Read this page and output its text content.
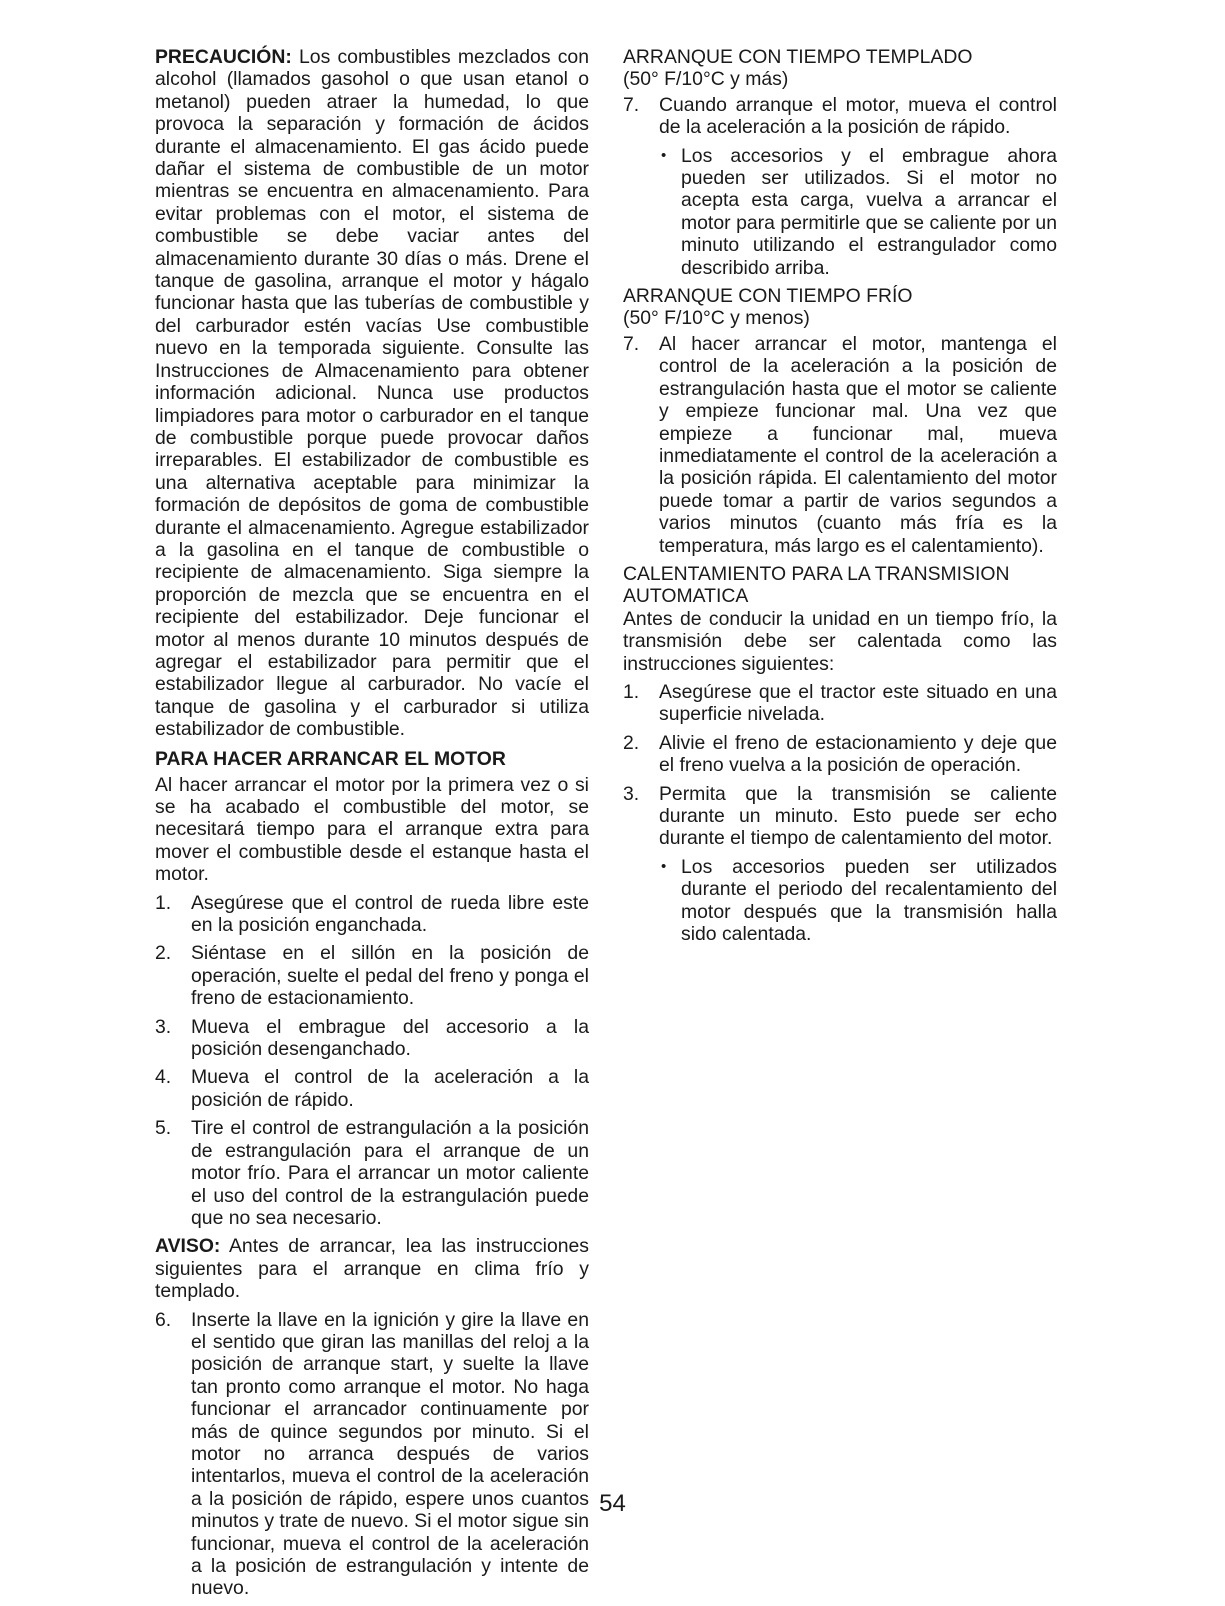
PRECAUCIÓN: Los combustibles mezclados con alcohol (llamados gasohol o que usan etanol o metanol) pueden atraer la humedad, lo que provoca la separación y formación de ácidos durante el almacenamiento. El gas ácido puede dañar el sistema de combustible de un motor mientras se encuentra en almacenamiento. Para evitar problemas con el motor, el sistema de combustible se debe vaciar antes del almacenamiento durante 30 días o más. Drene el tanque de gasolina, arranque el motor y hágalo funcionar hasta que las tuberías de combustible y del carburador estén vacías Use combustible nuevo en la temporada siguiente. Consulte las Instrucciones de Almacenamiento para obtener información adicional. Nunca use productos limpiadores para motor o carburador en el tanque de combustible porque puede provocar daños irreparables. El estabilizador de combustible es una alternativa aceptable para minimizar la formación de depósitos de goma de combustible durante el almacenamiento. Agregue estabilizador a la gasolina en el tanque de combustible o recipiente de almacenamiento. Siga siempre la proporción de mezcla que se encuentra en el recipiente del estabilizador. Deje funcionar el motor al menos durante 10 minutos después de agregar el estabilizador para permitir que el estabilizador llegue al carburador. No vacíe el tanque de gasolina y el carburador si utiliza estabilizador de combustible.

PARA HACER ARRANCAR EL MOTOR

Al hacer arrancar el motor por la primera vez o si se ha acabado el combustible del motor, se necesitará tiempo para el arranque extra para mover el combustible desde el estanque hasta el motor.

1. Asegúrese que el control de rueda libre este en la posición enganchada.
2. Siéntase en el sillón en la posición de operación, suelte el pedal del freno y ponga el freno de estacionamiento.
3. Mueva el embrague del accesorio a la posición desenganchado.
4. Mueva el control de la aceleración a la posición de rápido.
5. Tire el control de estrangulación a la posición de estrangulación para el arranque de un motor frío. Para el arrancar un motor caliente el uso del control de la estrangulación puede que no sea necesario.

AVISO: Antes de arrancar, lea las instrucciones siguientes para el arranque en clima frío y templado.

6. Inserte la llave en la ignición y gire la llave en el sentido que giran las manillas del reloj a la posición de arranque start, y suelte la llave tan pronto como arranque el motor. No haga funcionar el arrancador continuamente por más de quince segundos por minuto. Si el motor no arranca después de varios intentarlos, mueva el control de la aceleración a la posición de rápido, espere unos cuantos minutos y trate de nuevo. Si el motor sigue sin funcionar, mueva el control de la aceleración a la posición de estrangulación y intente de nuevo.
ARRANQUE CON TIEMPO TEMPLADO

(50° F/10°C y más)

7. Cuando arranque el motor, mueva el control de la aceleración a la posición de rápido.
• Los accesorios y el embrague ahora pueden ser utilizados. Si el motor no acepta esta carga, vuelva a arrancar el motor para permitirle que se caliente por un minuto utilizando el estrangulador como describido arriba.
ARRANQUE CON TIEMPO FRÍO

(50° F/10°C y menos)

7. Al hacer arrancar el motor, mantenga el control de la aceleración a la posición de estrangulación hasta que el motor se caliente y empieze funcionar mal. Una vez que empieze a funcionar mal, mueva inmediatamente el control de la aceleración a la posición rápida. El calentamiento del motor puede tomar a partir de varios segundos a varios minutos (cuanto más fría es la temperatura, más largo es el calentamiento).
CALENTAMIENTO PARA LA TRANSMISION AUTOMATICA

Antes de conducir la unidad en un tiempo frío, la transmisión debe ser calentada como las instrucciones siguientes:

1. Asegúrese que el tractor este situado en una superficie nivelada.
2. Alivie el freno de estacionamiento y deje que el freno vuelva a la posición de operación.
3. Permita que la transmisión se caliente durante un minuto. Esto puede ser echo durante el tiempo de calentamiento del motor.
• Los accesorios pueden ser utilizados durante el periodo del recalentamiento del motor después que la transmisión halla sido calentada.
54
